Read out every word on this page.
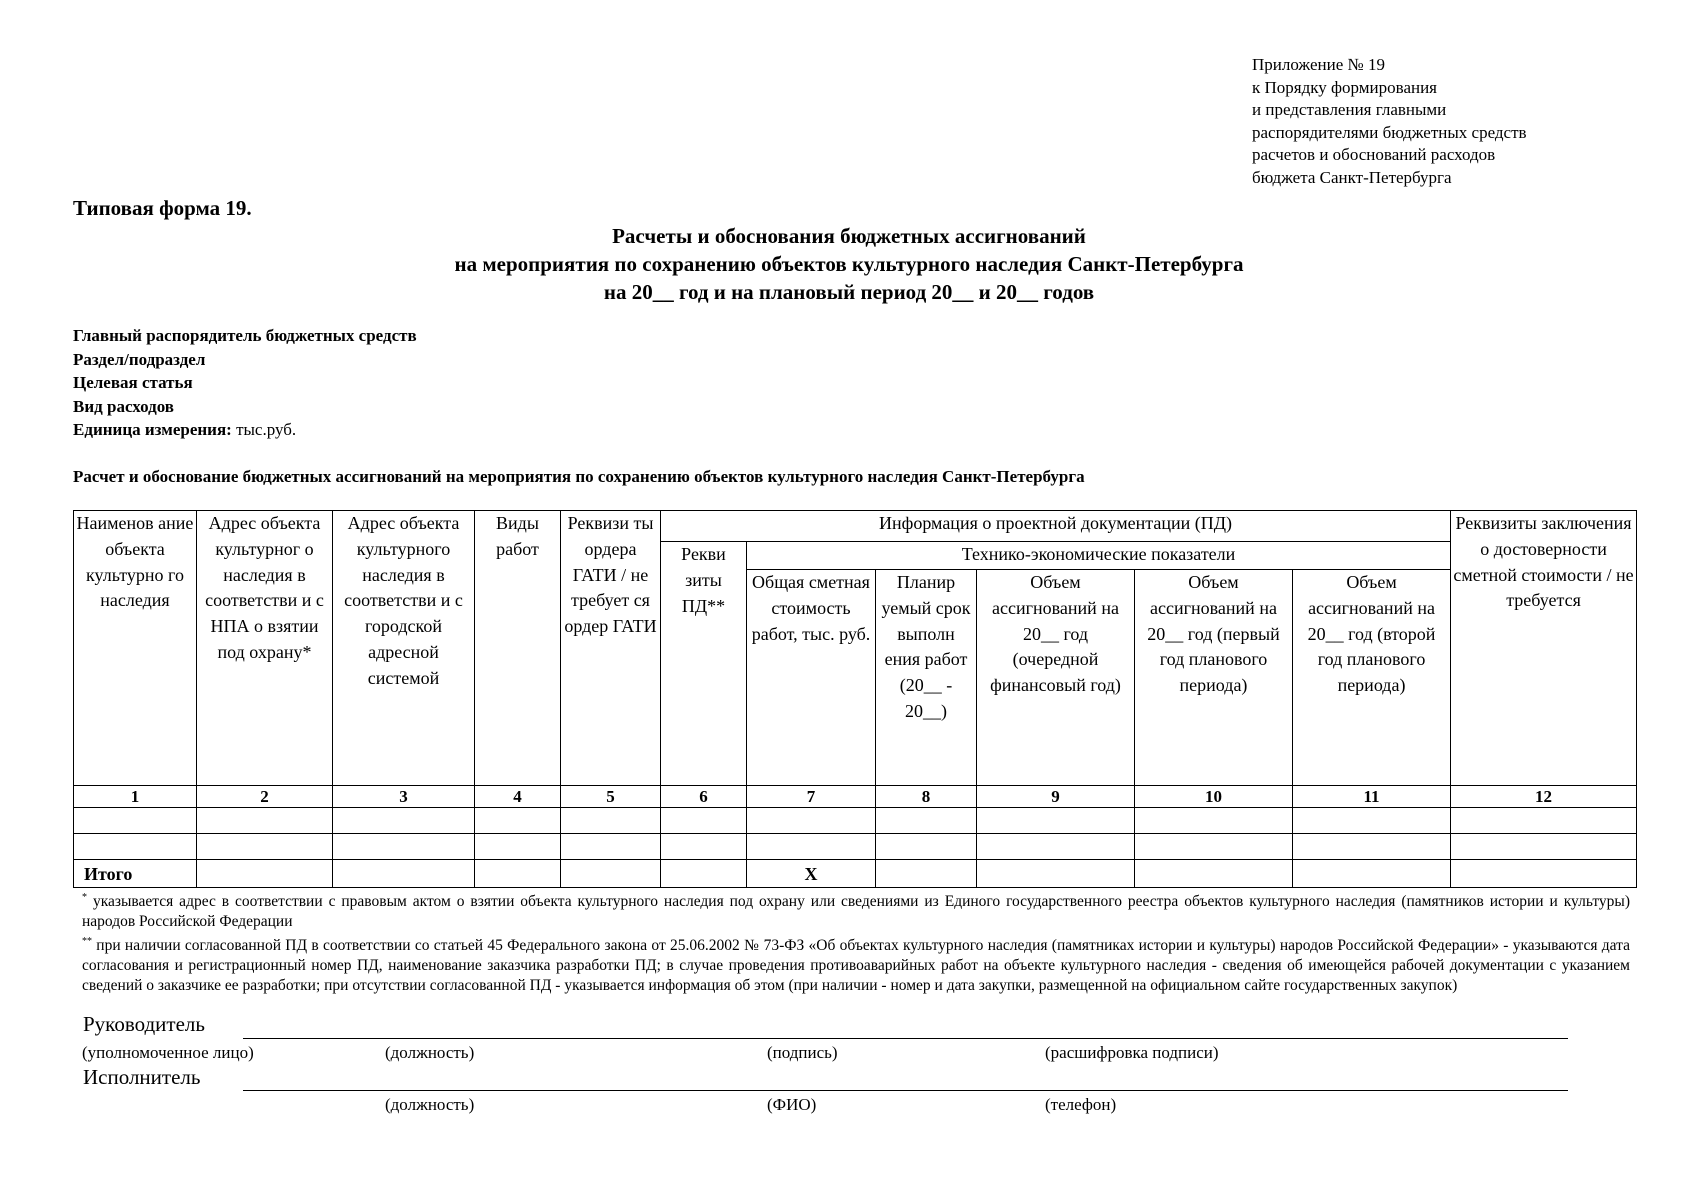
Приложение № 19
к Порядку формирования
и представления главными
распорядителями бюджетных средств
расчетов и обоснований расходов
бюджета Санкт-Петербурга
Типовая форма 19.
Расчеты и обоснования бюджетных ассигнований
на мероприятия по сохранению объектов культурного наследия Санкт-Петербурга
на 20__ год и на плановый период 20__ и 20__ годов
Главный распорядитель бюджетных средств
Раздел/подраздел
Целевая статья
Вид расходов
Единица измерения: тыс.руб.
Расчет и обоснование бюджетных ассигнований на мероприятия по сохранению объектов культурного наследия Санкт-Петербурга
Наименов ание объекта культурно го наследия	Адрес объекта культурног о наследия в соответстви и с НПА о взятии под охрану*	Адрес объекта культурного наследия в соответстви и с городской адресной системой	Виды работ	Реквизи ты ордера ГАТИ / не требует ся ордер ГАТИ	Информация о проектной документации (ПД)						Реквизиты заключения о достоверности сметной стоимости / не требуется
					Рекви зиты ПД**	Технико-экономические показатели					
						Общая сметная стоимость работ, тыс. руб.	Планир уемый срок выполн ения работ (20__ - 20__)	Объем ассигнований на 20__ год (очередной финансовый год)	Объем ассигнований на 20__ год (первый год планового периода)	Объем ассигнований на 20__ год (второй год планового периода)	
1	2	3	4	5	6	7	8	9	10	11	12

Итого						Х					

* указывается адрес в соответствии с правовым актом о взятии объекта культурного наследия под охрану или сведениями из Единого государственного реестра объектов культурного наследия (памятников истории и культуры) народов Российской Федерации

** при наличии согласованной ПД в соответствии со статьей 45 Федерального закона от 25.06.2002 № 73-ФЗ «Об объектах культурного наследия (памятниках истории и культуры) народов Российской Федерации» - указываются дата согласования и регистрационный номер ПД, наименование заказчика разработки ПД; в случае проведения противоаварийных работ на объекте культурного наследия - сведения об имеющейся рабочей документации с указанием сведений о заказчике ее разработки; при отсутствии согласованной ПД - указывается информация об этом (при наличии - номер и дата закупки, размещенной на официальном сайте государственных закупок)

Руководитель
(уполномоченное лицо)	(должность)	(подпись)	(расшифровка подписи)
Исполнитель
(должность)	(ФИО)	(телефон)
